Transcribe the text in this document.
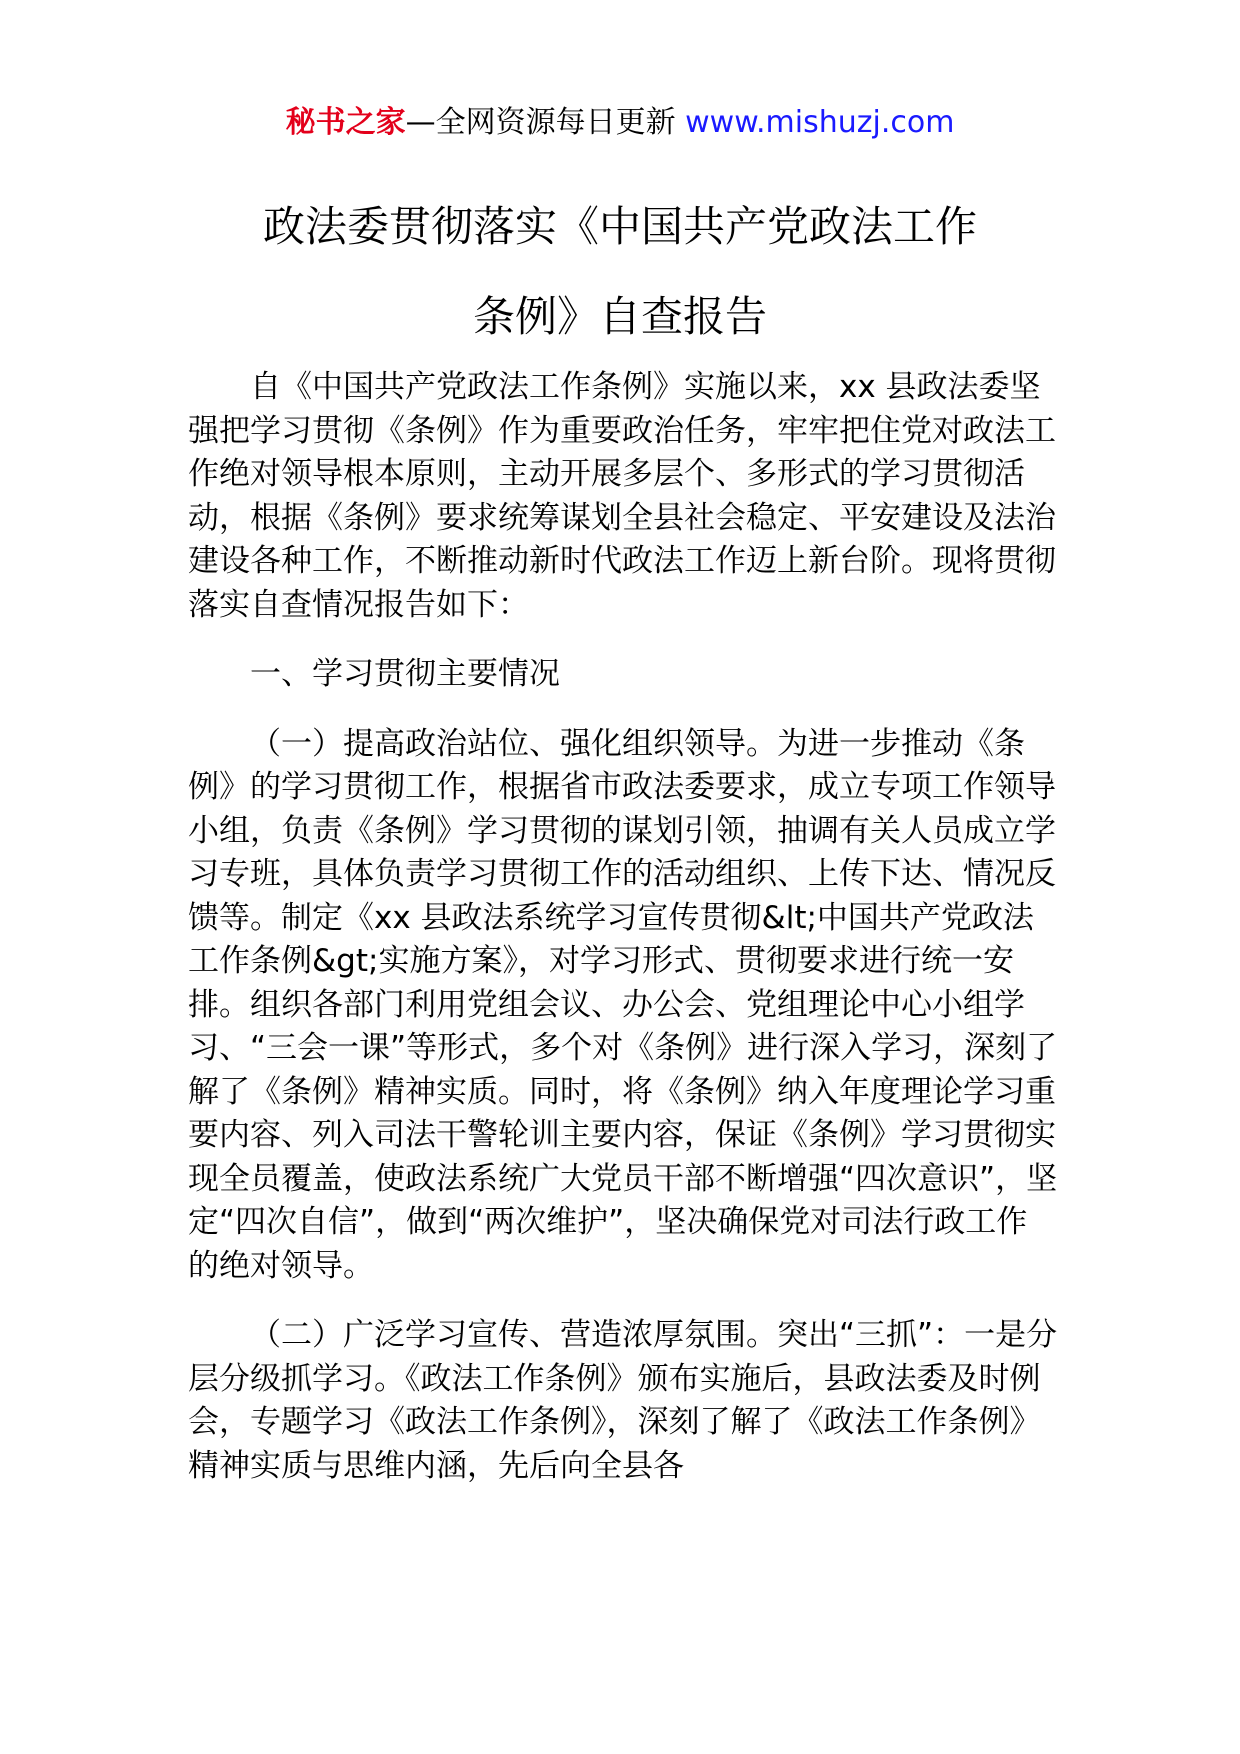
秘书之家—全网资源每日更新 www.mishuzj.com
政法委贯彻落实《中国共产党政法工作
条例》自查报告

自《中国共产党政法工作条例》实施以来，xx 县政法委坚强把学习贯彻《条例》作为重要政治任务，牢牢把住党对政法工作绝对领导根本原则，主动开展多层个、多形式的学习贯彻活动，根据《条例》要求统筹谋划全县社会稳定、平安建设及法治建设各种工作，不断推动新时代政法工作迈上新台阶。现将贯彻落实自查情况报告如下：

一、学习贯彻主要情况

（一）提高政治站位、强化组织领导。为进一步推动《条例》的学习贯彻工作，根据省市政法委要求，成立专项工作领导小组，负责《条例》学习贯彻的谋划引领，抽调有关人员成立学习专班，具体负责学习贯彻工作的活动组织、上传下达、情况反馈等。制定《xx 县政法系统学习宣传贯彻&lt;中国共产党政法工作条例&gt;实施方案》，对学习形式、贯彻要求进行统一安排。组织各部门利用党组会议、办公会、党组理论中心小组学习、“三会一课”等形式，多个对《条例》进行深入学习，深刻了解了《条例》精神实质。同时，将《条例》纳入年度理论学习重要内容、列入司法干警轮训主要内容，保证《条例》学习贯彻实现全员覆盖，使政法系统广大党员干部不断增强“四次意识”，坚定“四次自信”，做到“两次维护”，坚决确保党对司法行政工作的绝对领导。

（二）广泛学习宣传、营造浓厚氛围。突出“三抓”：一是分层分级抓学习。《政法工作条例》颁布实施后，县政法委及时例会，专题学习《政法工作条例》，深刻了解了《政法工作条例》精神实质与思维内涵，先后向全县各
